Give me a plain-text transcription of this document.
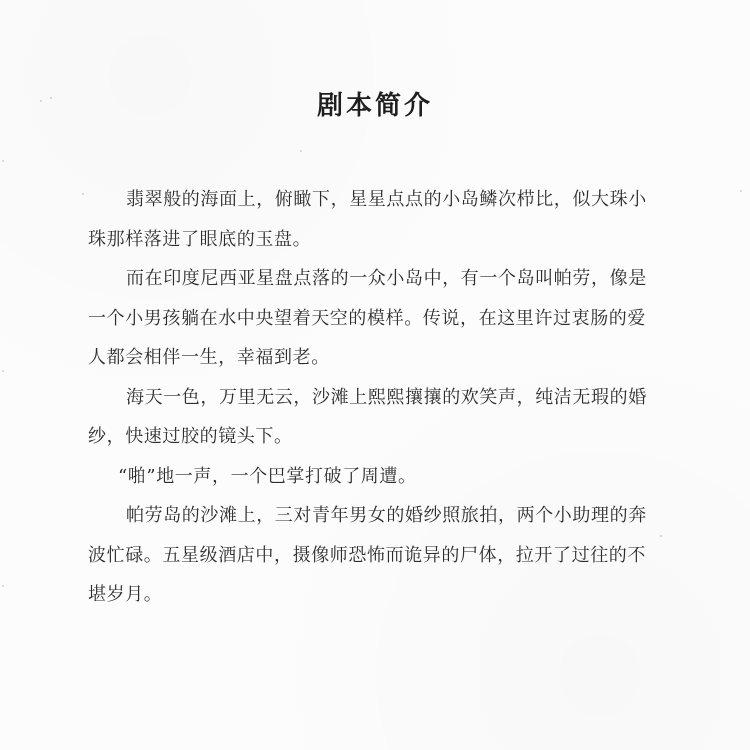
剧本简介

翡翠般的海面上，俯瞰下，星星点点的小岛鳞次栉比，似大珠小
珠那样落进了眼底的玉盘。

而在印度尼西亚星盘点落的一众小岛中，有一个岛叫帕劳，像是
一个小男孩躺在水中央望着天空的模样。传说，在这里许过衷肠的爱
人都会相伴一生，幸福到老。

海天一色，万里无云，沙滩上熙熙攘攘的欢笑声，纯洁无瑕的婚
纱，快速过胶的镜头下。

“啪”地一声，一个巴掌打破了周遭。

帕劳岛的沙滩上，三对青年男女的婚纱照旅拍，两个小助理的奔
波忙碌。五星级酒店中，摄像师恐怖而诡异的尸体，拉开了过往的不
堪岁月。
